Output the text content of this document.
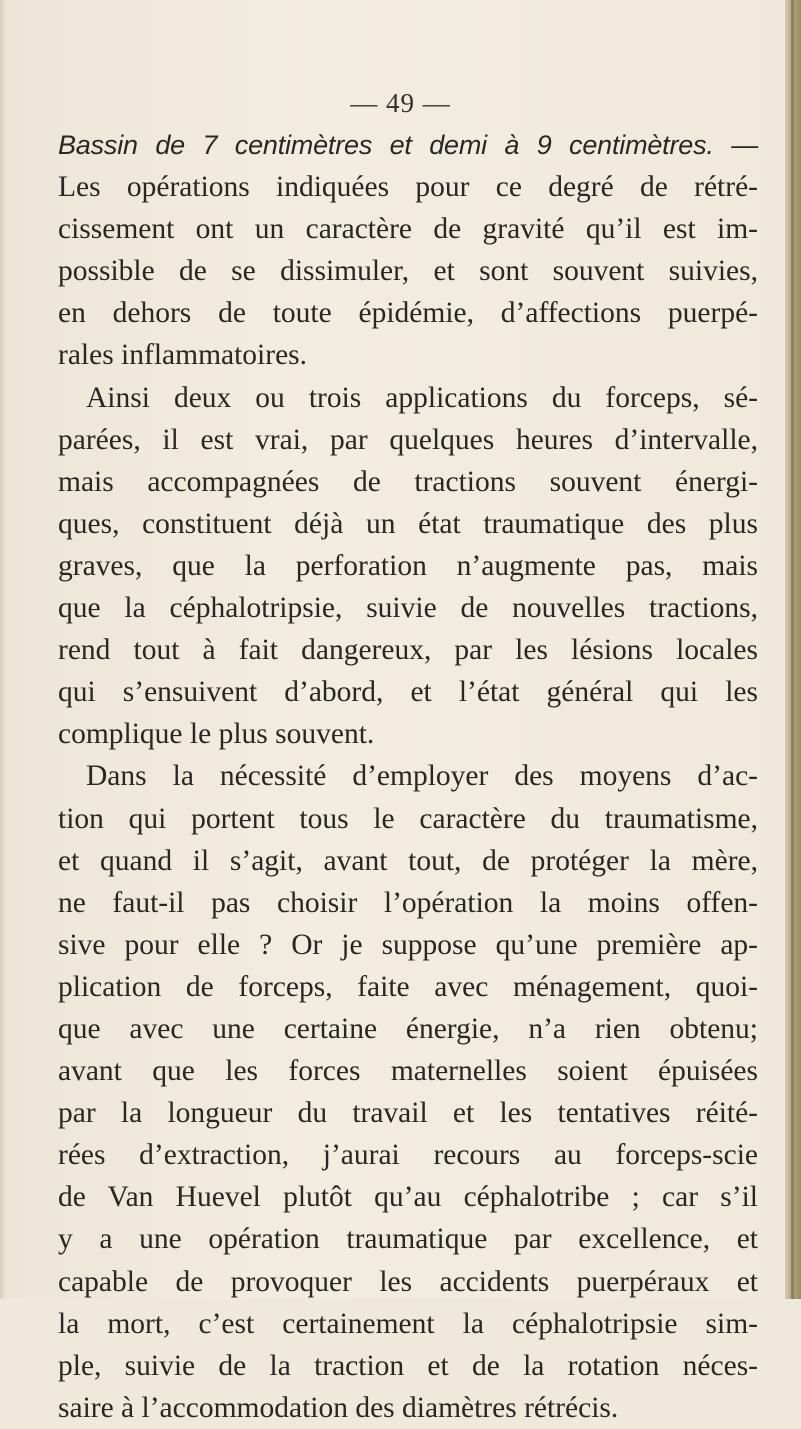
— 49 —
Bassin de 7 centimètres et demi à 9 centimètres. —
Les opérations indiquées pour ce degré de rétré-
cissement ont un caractère de gravité qu’il est im-
possible de se dissimuler, et sont souvent suivies,
en dehors de toute épidémie, d’affections puerpé-
rales inflammatoires.
Ainsi deux ou trois applications du forceps, sé-
parées, il est vrai, par quelques heures d’intervalle,
mais accompagnées de tractions souvent énergi-
ques, constituent déjà un état traumatique des plus
graves, que la perforation n’augmente pas, mais
que la céphalotripsie, suivie de nouvelles tractions,
rend tout à fait dangereux, par les lésions locales
qui s’ensuivent d’abord, et l’état général qui les
complique le plus souvent.
Dans la nécessité d’employer des moyens d’ac-
tion qui portent tous le caractère du traumatisme,
et quand il s’agit, avant tout, de protéger la mère,
ne faut-il pas choisir l’opération la moins offen-
sive pour elle ? Or je suppose qu’une première ap-
plication de forceps, faite avec ménagement, quoi-
que avec une certaine énergie, n’a rien obtenu;
avant que les forces maternelles soient épuisées
par la longueur du travail et les tentatives réité-
rées d’extraction, j’aurai recours au forceps-scie
de Van Huevel plutôt qu’au céphalotribe ; car s’il
y a une opération traumatique par excellence, et
capable de provoquer les accidents puerpéraux et
la mort, c’est certainement la céphalotripsie sim-
ple, suivie de la traction et de la rotation néces-
saire à l’accommodation des diamètres rétrécis.
